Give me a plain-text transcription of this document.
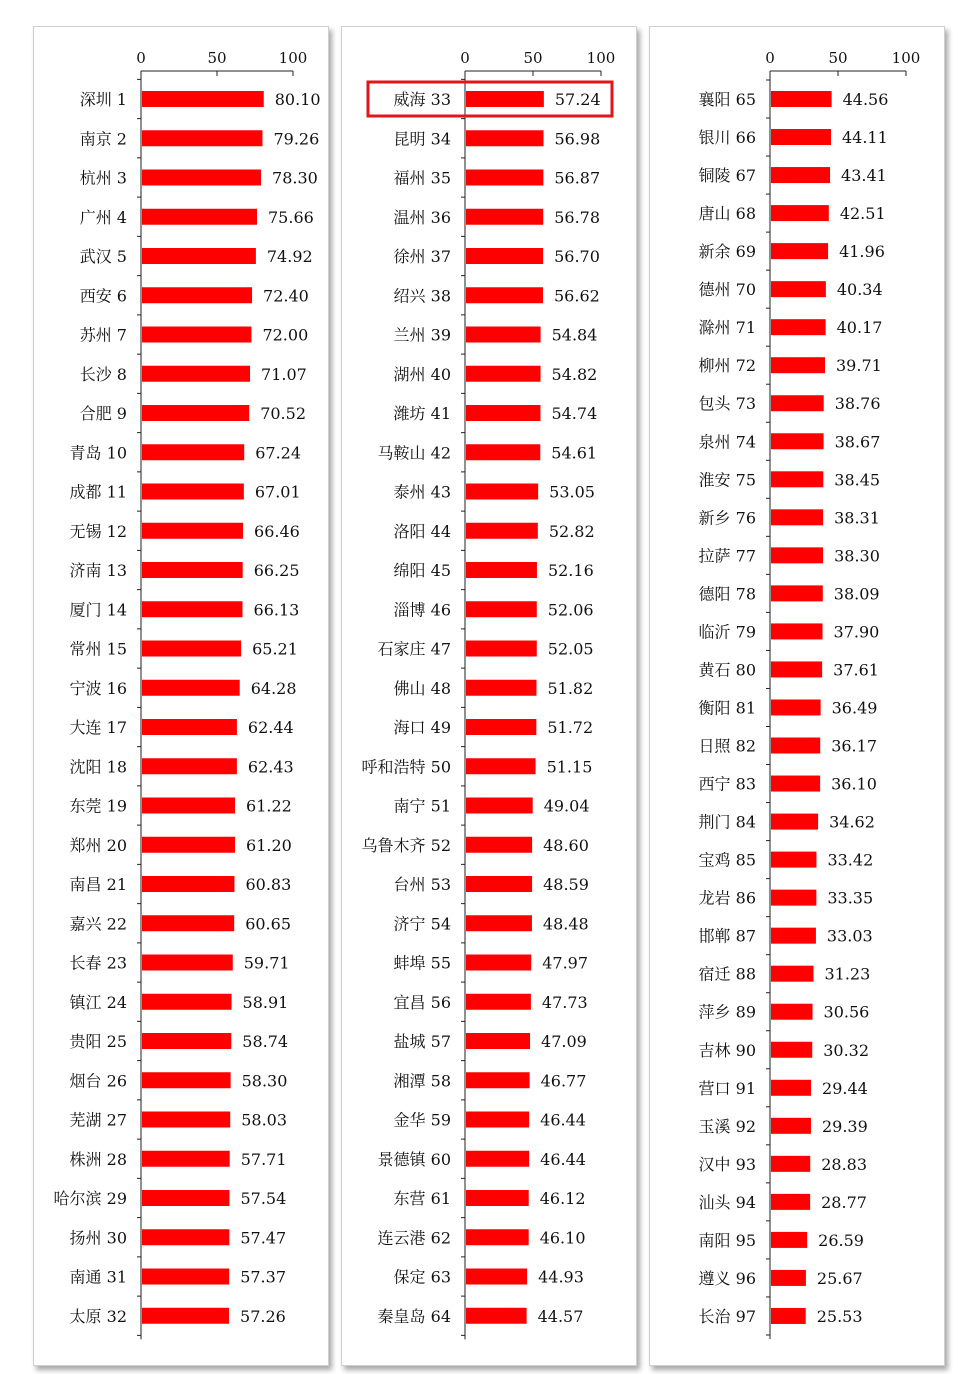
0	50	100
深圳 1	80.10
南京 2	79.26
杭州 3	78.30
广州 4	75.66
武汉 5	74.92
西安 6	72.40
苏州 7	72.00
长沙 8	71.07
合肥 9	70.52
青岛 10	67.24
成都 11	67.01
无锡 12	66.46
济南 13	66.25
厦门 14	66.13
常州 15	65.21
宁波 16	64.28
大连 17	62.44
沈阳 18	62.43
东莞 19	61.22
郑州 20	61.20
南昌 21	60.83
嘉兴 22	60.65
长春 23	59.71
镇江 24	58.91
贵阳 25	58.74
烟台 26	58.30
芜湖 27	58.03
株洲 28	57.71
哈尔滨 29	57.54
扬州 30	57.47
南通 31	57.37
太原 32	57.26
0	50	100
威海 33	57.24
昆明 34	56.98
福州 35	56.87
温州 36	56.78
徐州 37	56.70
绍兴 38	56.62
兰州 39	54.84
湖州 40	54.82
潍坊 41	54.74
马鞍山 42	54.61
泰州 43	53.05
洛阳 44	52.82
绵阳 45	52.16
淄博 46	52.06
石家庄 47	52.05
佛山 48	51.82
海口 49	51.72
呼和浩特 50	51.15
南宁 51	49.04
乌鲁木齐 52	48.60
台州 53	48.59
济宁 54	48.48
蚌埠 55	47.97
宜昌 56	47.73
盐城 57	47.09
湘潭 58	46.77
金华 59	46.44
景德镇 60	46.44
东营 61	46.12
连云港 62	46.10
保定 63	44.93
秦皇岛 64	44.57
0	50	100
襄阳 65	44.56
银川 66	44.11
铜陵 67	43.41
唐山 68	42.51
新余 69	41.96
德州 70	40.34
滁州 71	40.17
柳州 72	39.71
包头 73	38.76
泉州 74	38.67
淮安 75	38.45
新乡 76	38.31
拉萨 77	38.30
德阳 78	38.09
临沂 79	37.90
黄石 80	37.61
衡阳 81	36.49
日照 82	36.17
西宁 83	36.10
荆门 84	34.62
宝鸡 85	33.42
龙岩 86	33.35
邯郸 87	33.03
宿迁 88	31.23
萍乡 89	30.56
吉林 90	30.32
营口 91	29.44
玉溪 92	29.39
汉中 93	28.83
汕头 94	28.77
南阳 95	26.59
遵义 96	25.67
长治 97	25.53
